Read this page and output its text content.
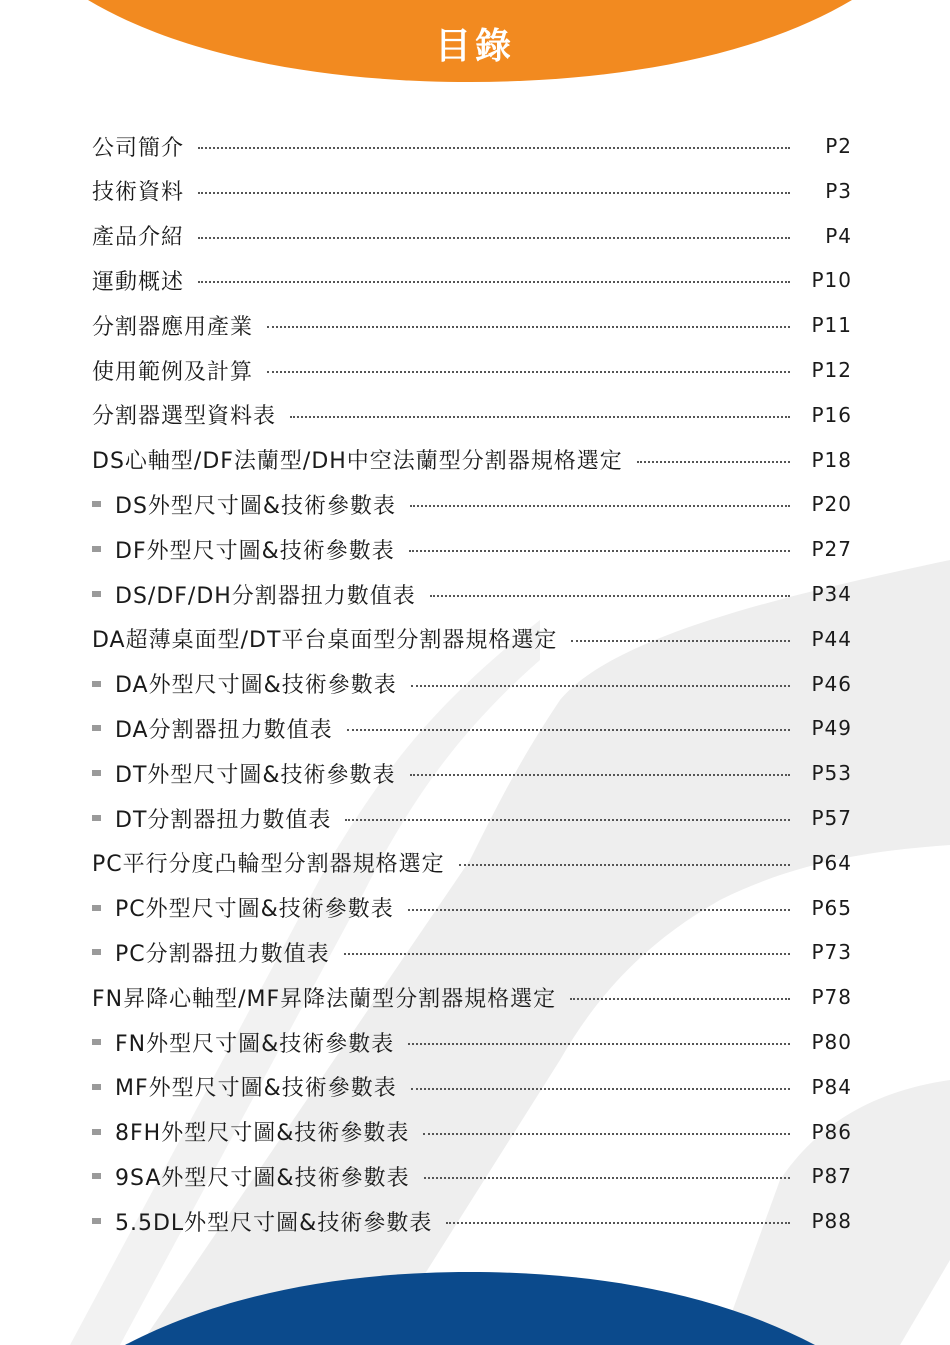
目錄
公司簡介	P2
技術資料	P3
產品介紹	P4
運動概述	P10
分割器應用產業	P11
使用範例及計算	P12
分割器選型資料表	P16
DS心軸型/DF法蘭型/DH中空法蘭型分割器規格選定	P18
DS外型尺寸圖&技術參數表	P20
DF外型尺寸圖&技術參數表	P27
DS/DF/DH分割器扭力數值表	P34
DA超薄桌面型/DT平台桌面型分割器規格選定	P44
DA外型尺寸圖&技術參數表	P46
DA分割器扭力數值表	P49
DT外型尺寸圖&技術參數表	P53
DT分割器扭力數值表	P57
PC平行分度凸輪型分割器規格選定	P64
PC外型尺寸圖&技術參數表	P65
PC分割器扭力數值表	P73
FN昇降心軸型/MF昇降法蘭型分割器規格選定	P78
FN外型尺寸圖&技術參數表	P80
MF外型尺寸圖&技術參數表	P84
8FH外型尺寸圖&技術參數表	P86
9SA外型尺寸圖&技術參數表	P87
5.5DL外型尺寸圖&技術參數表	P88
